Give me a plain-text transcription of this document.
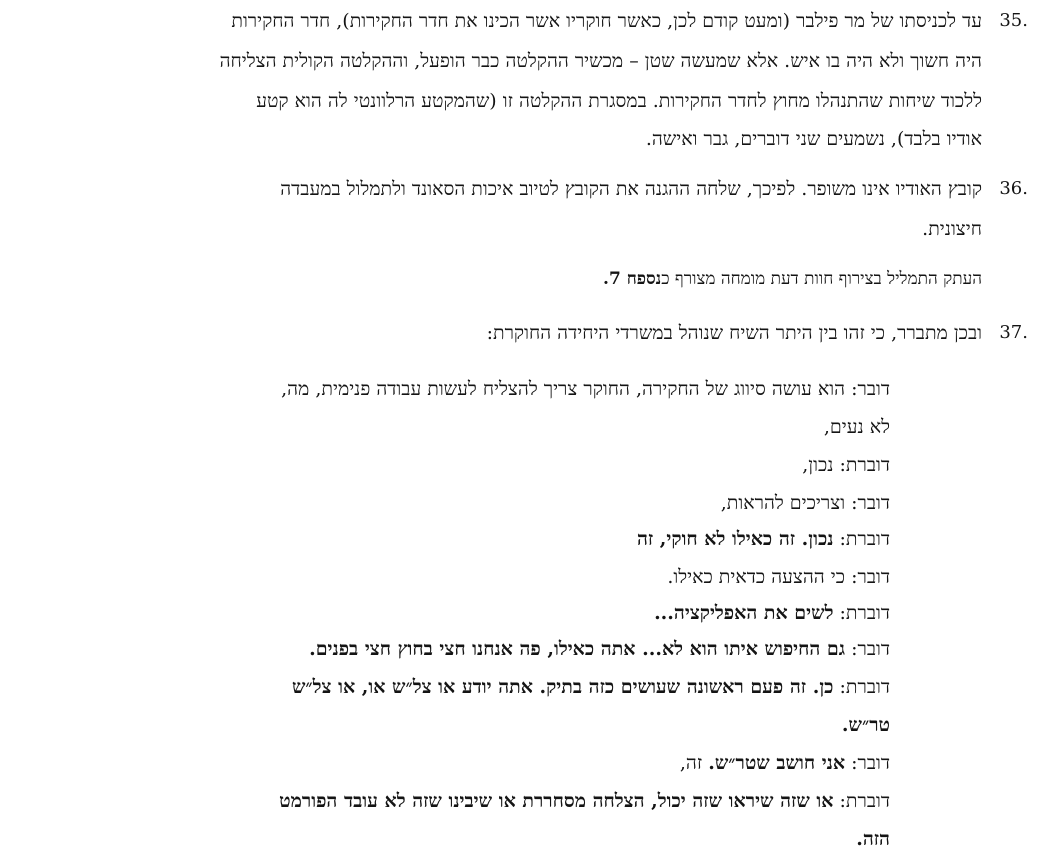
35.
עד לכניסתו של מר פילבר (ומעט קודם לכן, כאשר חוקריו אשר הכינו את חדר החקירות), חדר החקירות
היה חשוך ולא היה בו איש. אלא שמעשה שטן – מכשיר ההקלטה כבר הופעל, וההקלטה הקולית הצליחה
ללכוד שיחות שהתנהלו מחוץ לחדר החקירות. במסגרת ההקלטה זו (שהמקטע הרלוונטי לה הוא קטע
אודיו בלבד), נשמעים שני דוברים, גבר ואישה.
36.
קובץ האודיו אינו משופר. לפיכך, שלחה ההגנה את הקובץ לטיוב איכות הסאונד ולתמלול במעבדה
חיצונית.
העתק התמליל בצירוף חוות דעת מומחה מצורף כנספח 7.
37.
ובכן מתברר, כי זהו בין היתר השיח שנוהל במשרדי היחידה החוקרת:
דובר: הוא עושה סיווג של החקירה, החוקר צריך להצליח לעשות עבודה פנימית, מה,
לא נעים,
דוברת: נכון,
דובר: וצריכים להראות,
דוברת: נכון. זה כאילו לא חוקי, זה
דובר: כי ההצעה כדאית כאילו.
דוברת: לשים את האפליקציה...
דובר: גם החיפוש איתו הוא לא... אתה כאילו, פה אנחנו חצי בחוץ חצי בפנים.
דוברת: כן. זה פעם ראשונה שעושים כזה בתיק. אתה יודע או צל״ש או, או צל״ש
טר״ש.
דובר: אני חושב שטר״ש. זה,
דוברת: או שזה שיראו שזה יכול, הצלחה מסחררת או שיבינו שזה לא עובד הפורמט
הזה.
